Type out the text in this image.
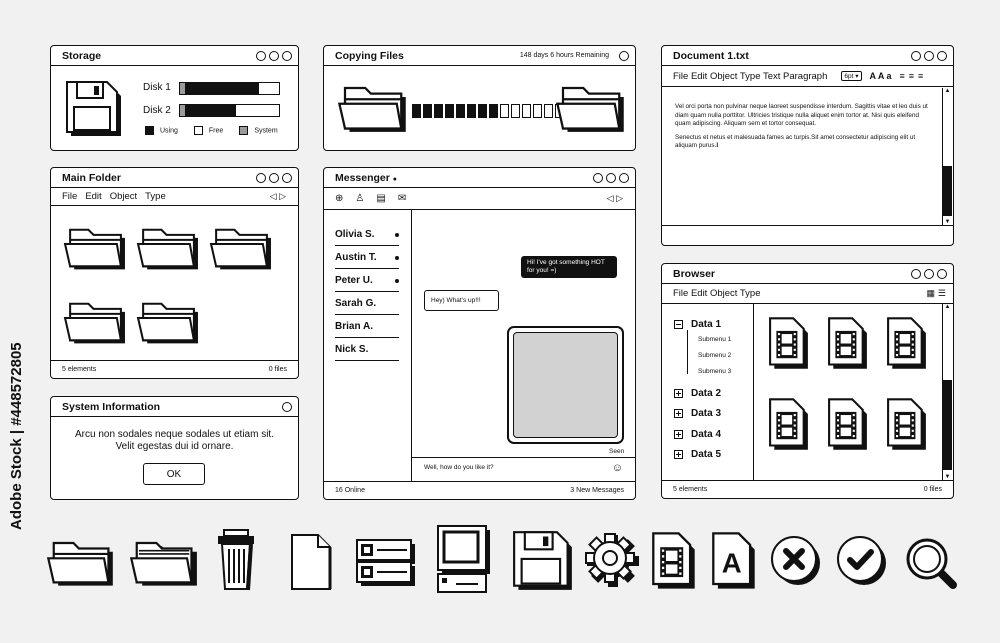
Adobe Stock | #448572805
Storage
Disk 1
Disk 2
Using	Free	System
Copying Files	148 days 6 hours Remaining	Document 1.txt
File Edit Object Type Text Paragraph	6pt ▾	A A a ≡ ≡ ≡
Vel orci porta non pulvinar neque laoreet suspendisse interdum. Sagittis vitae et leo duis ut diam quam nulla porttitor. Ultricies tristique nulla aliquet enim tortor at. Nisi quis eleifend quam adipiscing. Aliquam sem et tortor consequat.
Senectus et netus et malesuada fames ac turpis.Sit amet consectetur adipiscing elit ut aliquam purus.I
▲
▼
Main Folder
File Edit Object Type	◁ ▷
5 elements	0 files
Messenger ●
⊕ ♙ ▤ ✉	◁ ▷
Olivia S.
Austin T.
Peter U.
Sarah G.
Brian A.
Nick S.
Hi! I've got something HOT for you! =)
Hey) What's up!!!
Seen
Well, how do you like it?	☺
16 Online	3 New Messages
Browser
File Edit Object Type	▦ ☰
Data 1
Submenu 1
Submenu 2
Submenu 3
Data 2
Data 3
Data 4
Data 5
▲
▼
5 elements	0 files
System Information
Arcu non sodales neque sodales ut etiam sit.
Velit egestas dui id ornare.
OK
A
